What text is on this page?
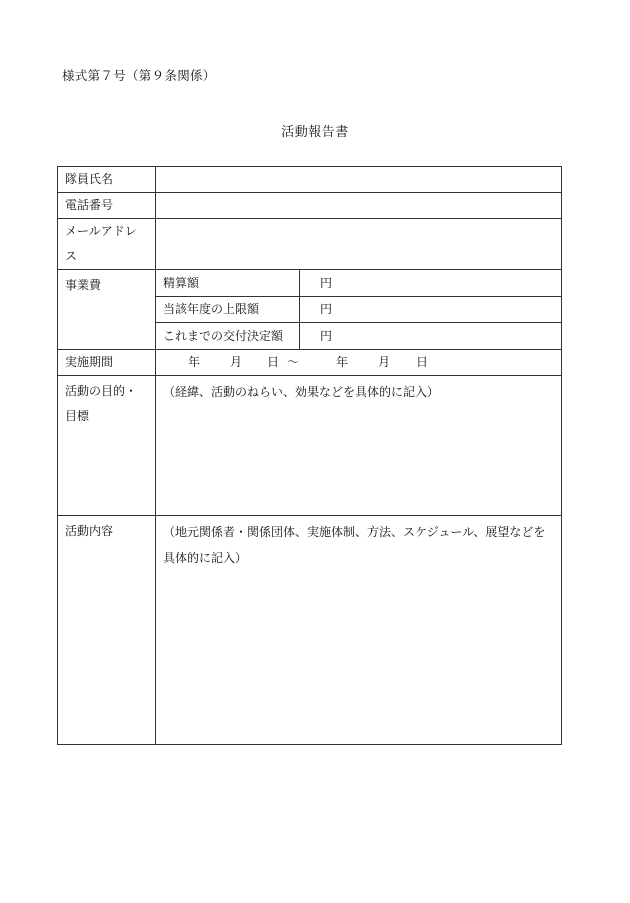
様式第７号（第９条関係）
活動報告書
隊員氏名		
電話番号		
メールアドレス		
事業費	精算額	円
	当該年度の上限額	円
	これまでの交付決定額	円
実施期間	年 月 日 ～ 年 月 日	

活動の目的・目標	（経緯、活動のねらい、効果などを具体的に記入）	

活動内容	（地元関係者・関係団体、実施体制、方法、スケジュール、展望などを具体的に記入）	
